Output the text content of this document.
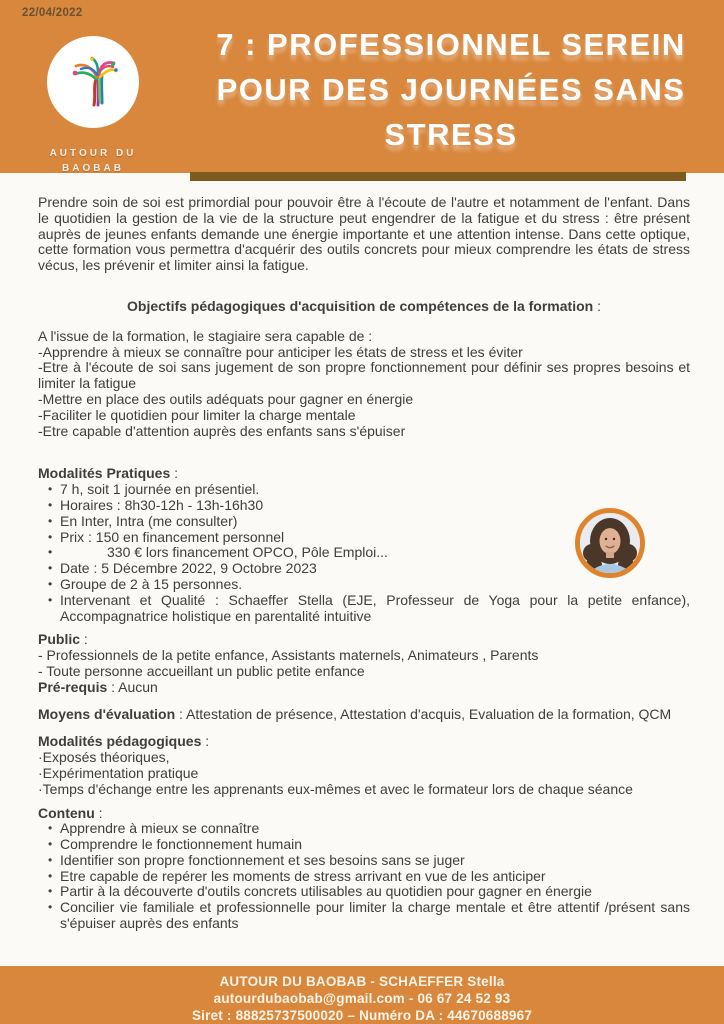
22/04/2022
AUTOUR DU
BAOBAB
7 : PROFESSIONNEL SEREIN
POUR DES JOURNÉES SANS
STRESS

Prendre soin de soi est primordial pour pouvoir être à l'écoute de l'autre et notamment de l'enfant. Dans le quotidien la gestion de la vie de la structure peut engendrer de la fatigue et du stress : être présent auprès de jeunes enfants demande une énergie importante et une attention intense. Dans cette optique, cette formation vous permettra d'acquérir des outils concrets pour mieux comprendre les états de stress vécus, les prévenir et limiter ainsi la fatigue.

Objectifs pédagogiques d'acquisition de compétences de la formation :
A l'issue de la formation, le stagiaire sera capable de :
-Apprendre à mieux se connaître pour anticiper les états de stress et les éviter
-Etre à l'écoute de soi sans jugement de son propre fonctionnement pour définir ses propres besoins et limiter la fatigue
-Mettre en place des outils adéquats pour gagner en énergie
-Faciliter le quotidien pour limiter la charge mentale
-Etre capable d'attention auprès des enfants sans s'épuiser
Modalités Pratiques :
• 7 h, soit 1 journée en présentiel.
• Horaires : 8h30-12h - 13h-16h30
• En Inter, Intra (me consulter)
• Prix : 150 en financement personnel
• 330 € lors financement OPCO, Pôle Emploi...
• Date : 5 Décembre 2022, 9 Octobre 2023
• Groupe de 2 à 15 personnes.
• Intervenant et Qualité : Schaeffer Stella (EJE, Professeur de Yoga pour la petite enfance), Accompagnatrice holistique en parentalité intuitive
Public :
- Professionnels de la petite enfance, Assistants maternels, Animateurs , Parents
- Toute personne accueillant un public petite enfance
Pré-requis : Aucun
Moyens d'évaluation : Attestation de présence, Attestation d'acquis, Evaluation de la formation, QCM
Modalités pédagogiques :
·Exposés théoriques,
·Expérimentation pratique
·Temps d'échange entre les apprenants eux-mêmes et avec le formateur lors de chaque séance
Contenu :
• Apprendre à mieux se connaître
• Comprendre le fonctionnement humain
• Identifier son propre fonctionnement et ses besoins sans se juger
• Etre capable de repérer les moments de stress arrivant en vue de les anticiper
• Partir à la découverte d'outils concrets utilisables au quotidien pour gagner en énergie
• Concilier vie familiale et professionnelle pour limiter la charge mentale et être attentif /présent sans s'épuiser auprès des enfants
AUTOUR DU BAOBAB - SCHAEFFER Stella
autourdubaobab@gmail.com - 06 67 24 52 93
Siret : 88825737500020 – Numéro DA : 44670688967
